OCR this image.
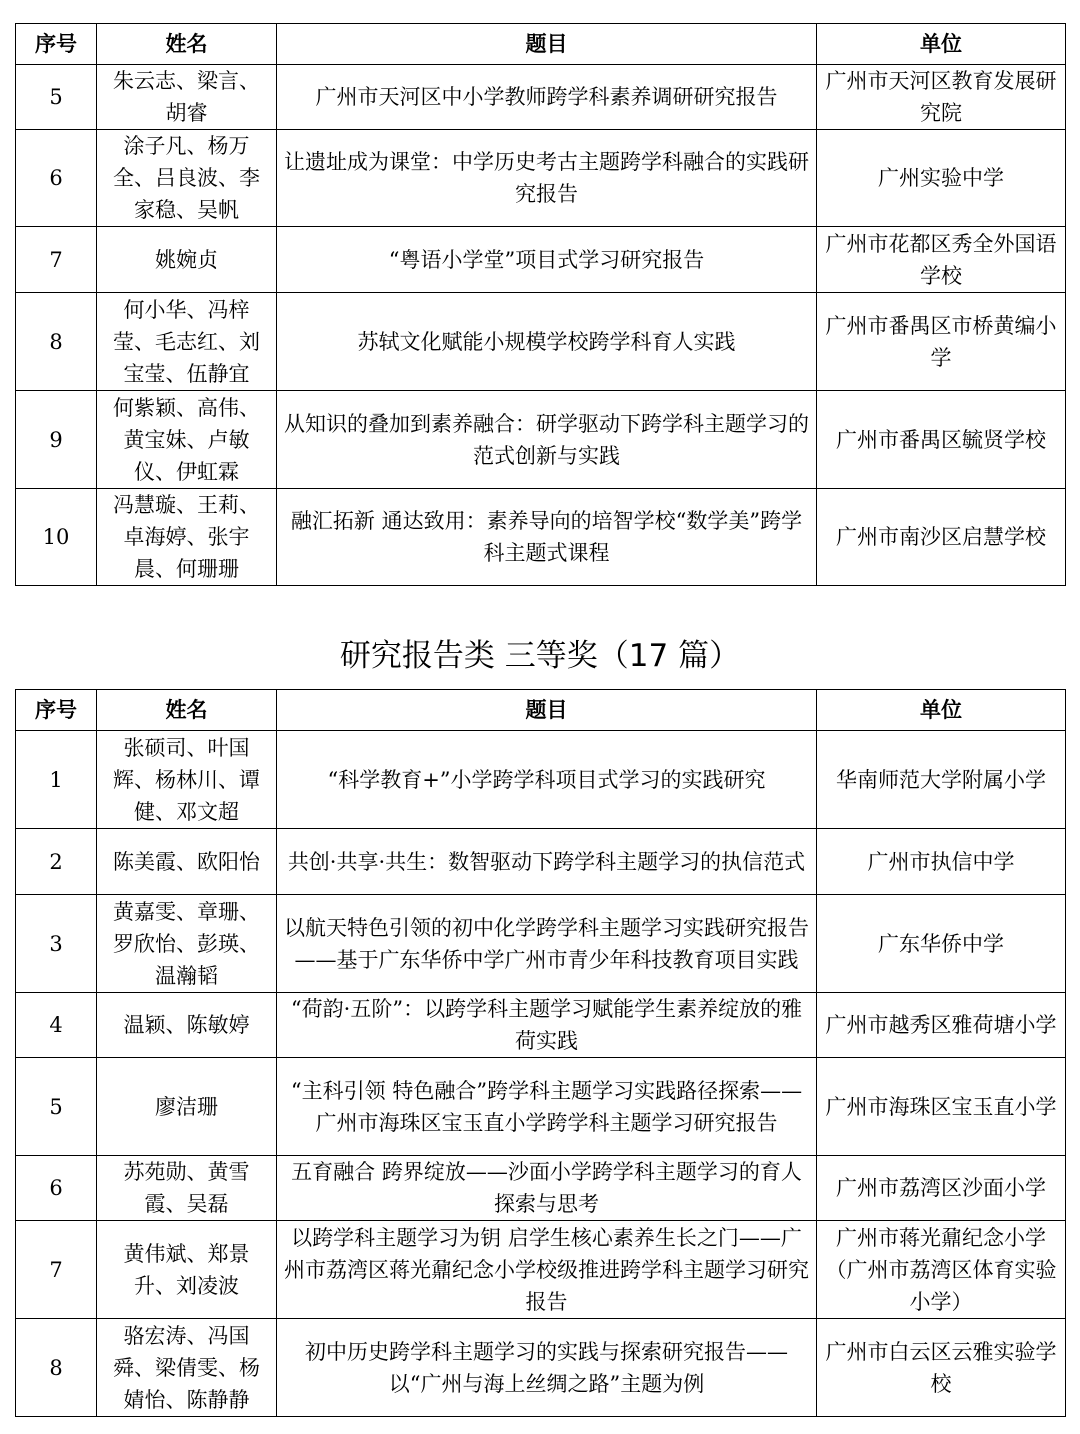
序号	姓名	题目	单位
5	朱云志、梁言、胡睿	广州市天河区中小学教师跨学科素养调研研究报告	广州市天河区教育发展研究院
6	涂子凡、杨万全、吕良波、李家稳、吴帆	让遗址成为课堂：中学历史考古主题跨学科融合的实践研究报告	广州实验中学
7	姚婉贞	“粤语小学堂”项目式学习研究报告	广州市花都区秀全外国语学校
8	何小华、冯梓莹、毛志红、刘宝莹、伍静宜	苏轼文化赋能小规模学校跨学科育人实践	广州市番禺区市桥黄编小学
9	何紫颖、高伟、黄宝妹、卢敏仪、伊虹霖	从知识的叠加到素养融合：研学驱动下跨学科主题学习的范式创新与实践	广州市番禺区毓贤学校
10	冯慧璇、王莉、卓海婷、张宇晨、何珊珊	融汇拓新 通达致用：素养导向的培智学校“数学美”跨学科主题式课程	广州市南沙区启慧学校
研究报告类 三等奖（17 篇）
序号	姓名	题目	单位
1	张硕司、叶国辉、杨林川、谭健、邓文超	“科学教育+”小学跨学科项目式学习的实践研究	华南师范大学附属小学
2	陈美霞、欧阳怡	共创·共享·共生：数智驱动下跨学科主题学习的执信范式	广州市执信中学
3	黄嘉雯、章珊、罗欣怡、彭瑛、温瀚韬	以航天特色引领的初中化学跨学科主题学习实践研究报告——基于广东华侨中学广州市青少年科技教育项目实践	广东华侨中学
4	温颖、陈敏婷	“荷韵·五阶”：以跨学科主题学习赋能学生素养绽放的雅荷实践	广州市越秀区雅荷塘小学
5	廖洁珊	“主科引领 特色融合”跨学科主题学习实践路径探索——广州市海珠区宝玉直小学跨学科主题学习研究报告	广州市海珠区宝玉直小学
6	苏苑勋、黄雪霞、吴磊	五育融合 跨界绽放——沙面小学跨学科主题学习的育人探索与思考	广州市荔湾区沙面小学
7	黄伟斌、郑景升、刘凌波	以跨学科主题学习为钥 启学生核心素养生长之门——广州市荔湾区蒋光鼐纪念小学校级推进跨学科主题学习研究报告	广州市蒋光鼐纪念小学（广州市荔湾区体育实验小学）
8	骆宏涛、冯国舜、梁倩雯、杨婧怡、陈静静	初中历史跨学科主题学习的实践与探索研究报告——以“广州与海上丝绸之路”主题为例	广州市白云区云雅实验学校
